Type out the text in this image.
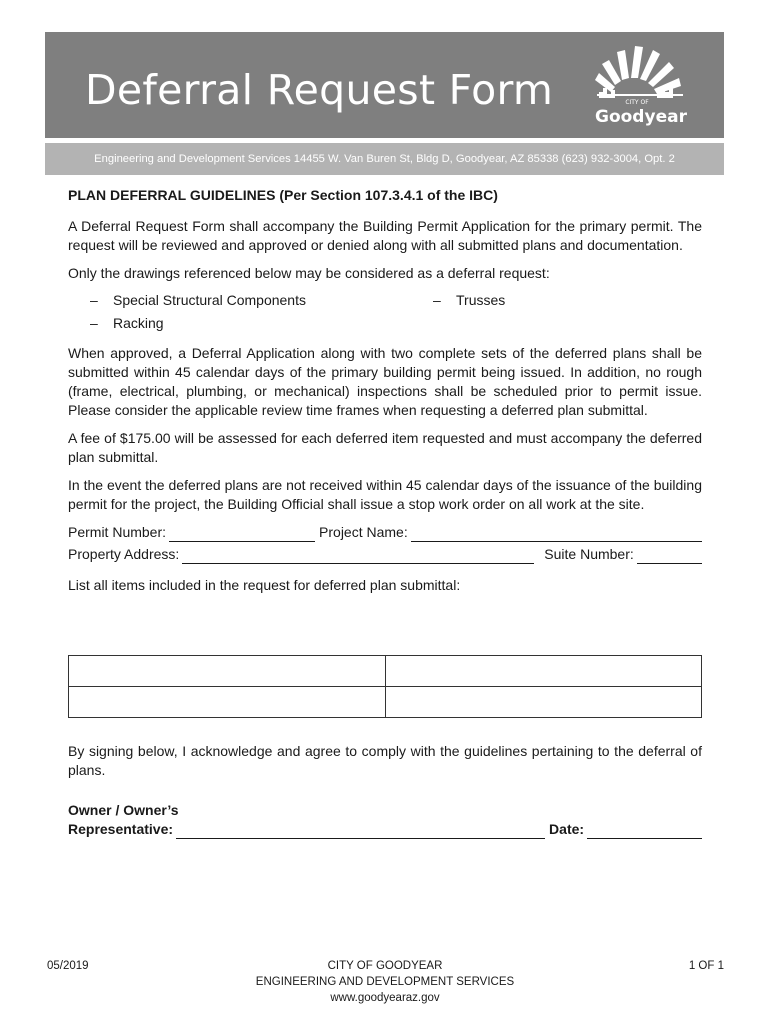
Deferral Request Form	CITY OF
Goodyear
Engineering and Development Services 14455 W. Van Buren St, Bldg D, Goodyear, AZ 85338 (623) 932-3004, Opt. 2
PLAN DEFERRAL GUIDELINES (Per Section 107.3.4.1 of the IBC)
A Deferral Request Form shall accompany the Building Permit Application for the primary permit. The request will be reviewed and approved or denied along with all submitted plans and documentation.
Only the drawings referenced below may be considered as a deferral request:
–	Special Structural Components	–	Trusses
–	Racking
When approved, a Deferral Application along with two complete sets of the deferred plans shall be submitted within 45 calendar days of the primary building permit being issued. In addition, no rough (frame, electrical, plumbing, or mechanical) inspections shall be scheduled prior to permit issue. Please consider the applicable review time frames when requesting a deferred plan submittal.
A fee of $175.00 will be assessed for each deferred item requested and must accompany the deferred plan submittal.
In the event the deferred plans are not received within 45 calendar days of the issuance of the building permit for the project, the Building Official shall issue a stop work order on all work at the site.
Permit Number:	Project Name:
Property Address:	Suite Number:
List all items included in the request for deferred plan submittal:

By signing below, I acknowledge and agree to comply with the guidelines pertaining to the deferral of plans.
Owner / Owner’s
Representative:	Date:
05/2019	CITY OF GOODYEAR
ENGINEERING AND DEVELOPMENT SERVICES
www.goodyearaz.gov
1 OF 1
